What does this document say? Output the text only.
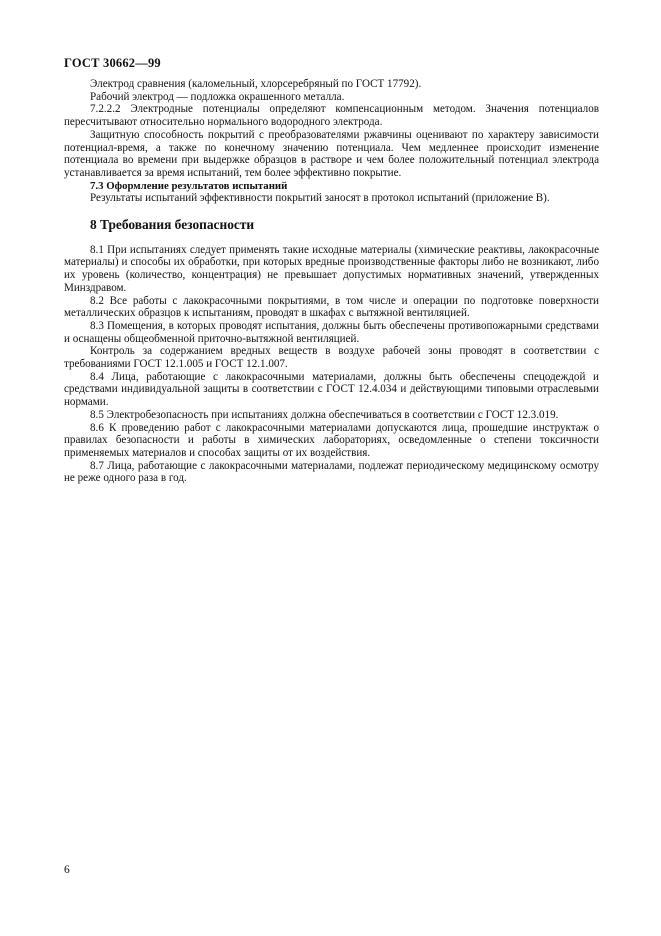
ГОСТ 30662—99

Электрод сравнения (каломельный, хлорсеребряный по ГОСТ 17792).

Рабочий электрод — подложка окрашенного металла.

7.2.2.2 Электродные потенциалы определяют компенсационным методом. Значения потенциалов пересчитывают относительно нормального водородного электрода.

Защитную способность покрытий с преобразователями ржавчины оценивают по характеру зависимости потенциал-время, а также по конечному значению потенциала. Чем медленнее происходит изменение потенциала во времени при выдержке образцов в растворе и чем более положительный потенциал электрода устанавливается за время испытаний, тем более эффективно покрытие.

7.3 Оформление результатов испытаний

Результаты испытаний эффективности покрытий заносят в протокол испытаний (приложение В).

8 Требования безопасности

8.1 При испытаниях следует применять такие исходные материалы (химические реактивы, лакокрасочные материалы) и способы их обработки, при которых вредные производственные факторы либо не возникают, либо их уровень (количество, концентрация) не превышает допустимых нормативных значений, утвержденных Минздравом.

8.2 Все работы с лакокрасочными покрытиями, в том числе и операции по подготовке поверхности металлических образцов к испытаниям, проводят в шкафах с вытяжной вентиляцией.

8.3 Помещения, в которых проводят испытания, должны быть обеспечены противопожарными средствами и оснащены общеобменной приточно-вытяжной вентиляцией.

Контроль за содержанием вредных веществ в воздухе рабочей зоны проводят в соответствии с требованиями ГОСТ 12.1.005 и ГОСТ 12.1.007.

8.4 Лица, работающие с лакокрасочными материалами, должны быть обеспечены спецодеждой и средствами индивидуальной защиты в соответствии с ГОСТ 12.4.034 и действующими типовыми отраслевыми нормами.

8.5 Электробезопасность при испытаниях должна обеспечиваться в соответствии с ГОСТ 12.3.019.

8.6 К проведению работ с лакокрасочными материалами допускаются лица, прошедшие инструктаж о правилах безопасности и работы в химических лабораториях, осведомленные о степени токсичности применяемых материалов и способах защиты от их воздействия.

8.7 Лица, работающие с лакокрасочными материалами, подлежат периодическому медицинскому осмотру не реже одного раза в год.

6
